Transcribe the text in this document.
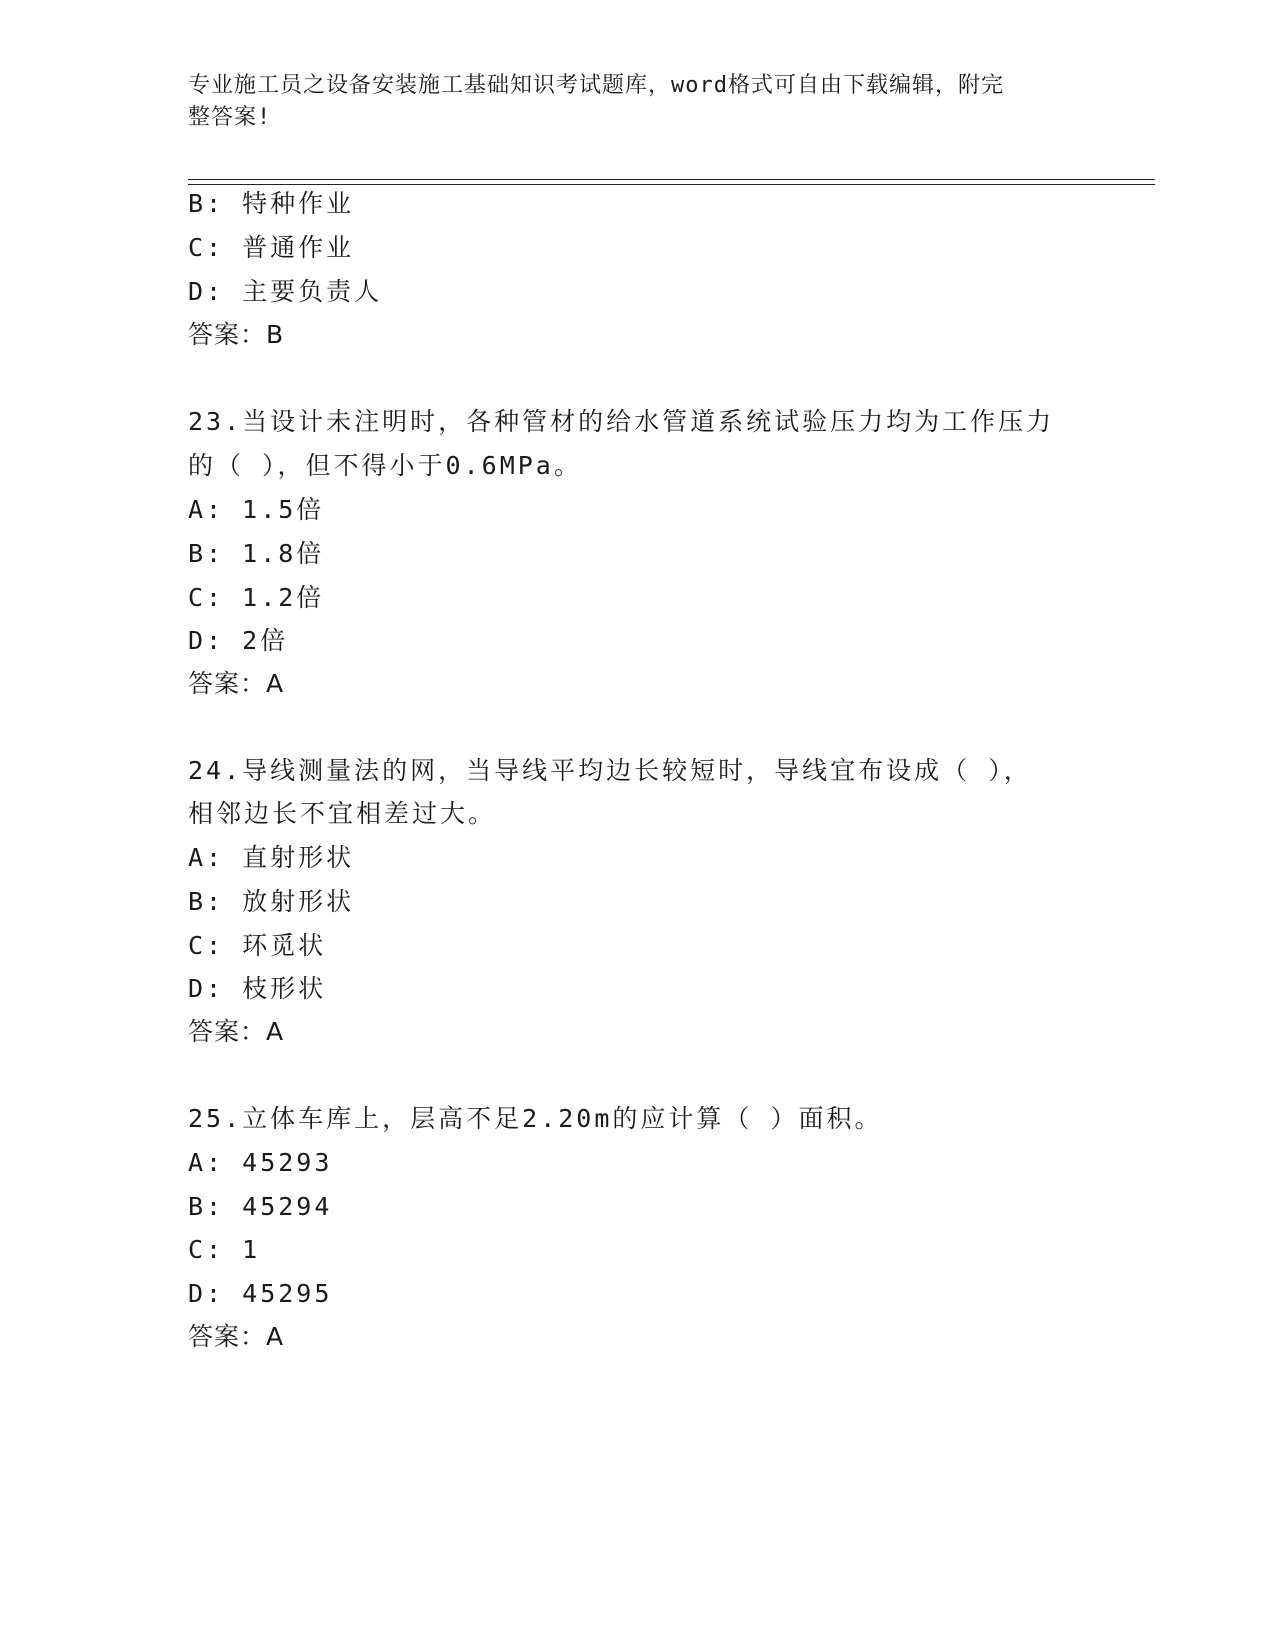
专业施工员之设备安装施工基础知识考试题库，word格式可自由下载编辑，附完
整答案!
B: 特种作业
C: 普通作业
D: 主要负责人
答案：B
23.当设计未注明时，各种管材的给水管道系统试验压力均为工作压力
的（ ），但不得小于0.6MPa。
A: 1.5倍
B: 1.8倍
C: 1.2倍
D: 2倍
答案：A
24.导线测量法的网，当导线平均边长较短时，导线宜布设成（ ），
相邻边长不宜相差过大。
A: 直射形状
B: 放射形状
C: 环觅状
D: 枝形状
答案：A
25.立体车库上，层高不足2.20m的应计算（ ）面积。
A: 45293
B: 45294
C: 1
D: 45295
答案：A
